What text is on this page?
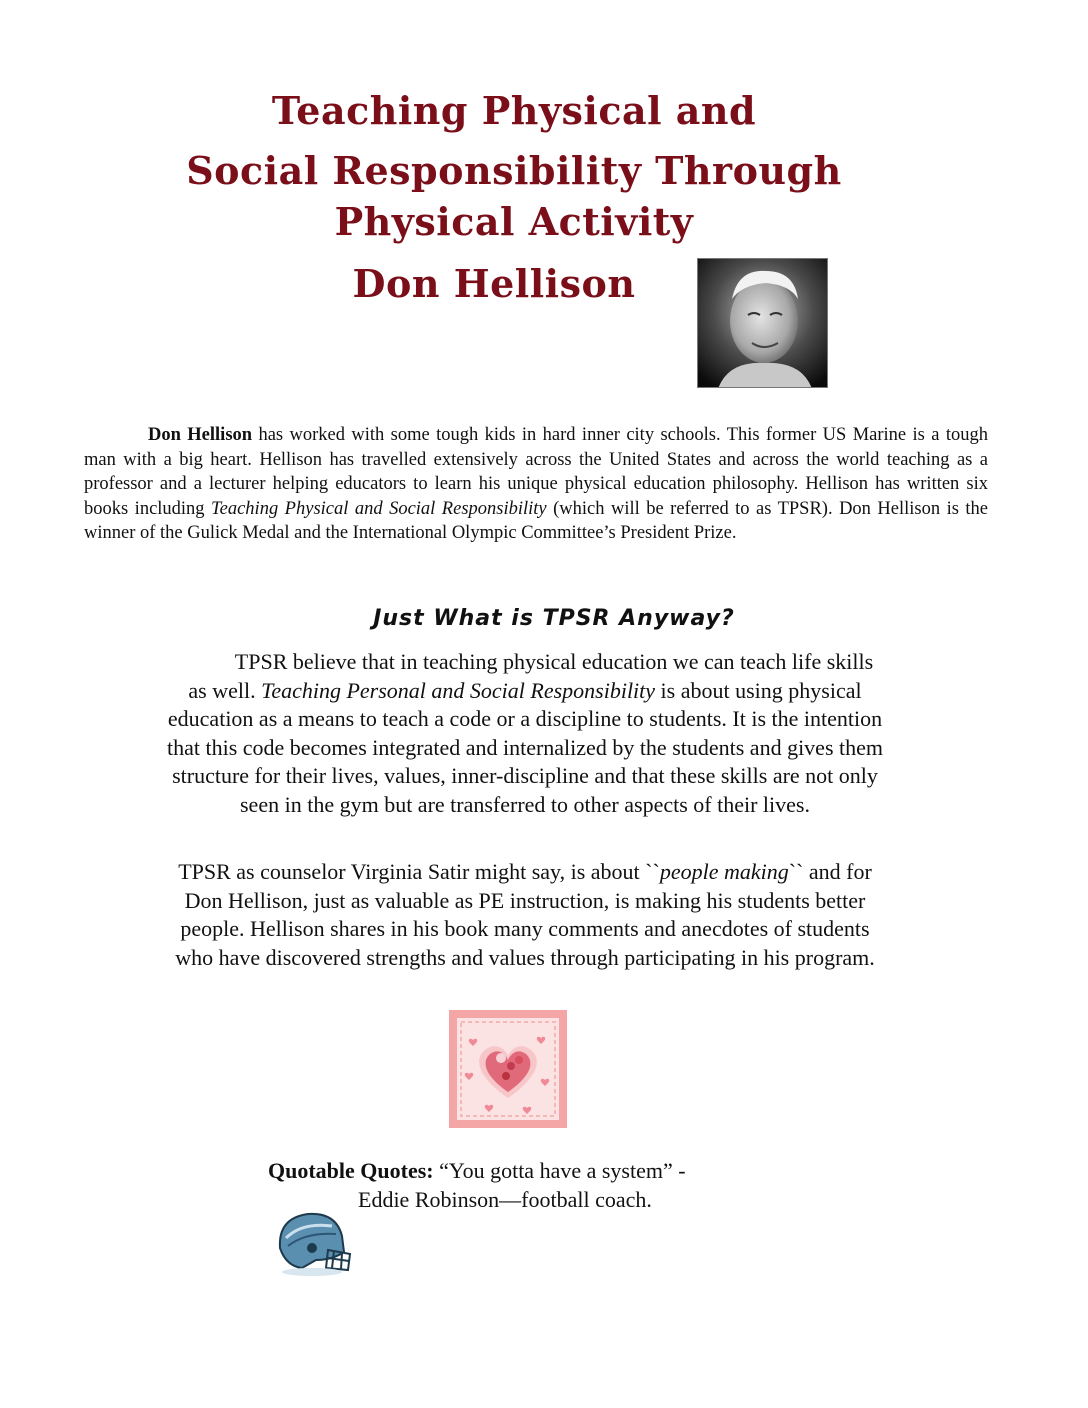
Teaching Physical and
Social Responsibility Through
Physical Activity
Don Hellison
Don Hellison has worked with some tough kids in hard inner city schools. This former US Marine is a tough man with a big heart. Hellison has travelled extensively across the United States and across the world teaching as a professor and a lecturer helping educators to learn his unique physical education philosophy. Hellison has written six books including Teaching Physical and Social Responsibility (which will be referred to as TPSR). Don Hellison is the winner of the Gulick Medal and the International Olympic Committee’s President Prize.
Just What is TPSR Anyway?
TPSR believe that in teaching physical education we can teach life skills as well. Teaching Personal and Social Responsibility is about using physical education as a means to teach a code or a discipline to students. It is the intention that this code becomes integrated and internalized by the students and gives them structure for their lives, values, inner-discipline and that these skills are not only seen in the gym but are transferred to other aspects of their lives.
TPSR as counselor Virginia Satir might say, is about ``people making`` and for Don Hellison, just as valuable as PE instruction, is making his students better people. Hellison shares in his book many comments and anecdotes of students who have discovered strengths and values through participating in his program.
Quotable Quotes: “You gotta have a system” -
Eddie Robinson—football coach.
